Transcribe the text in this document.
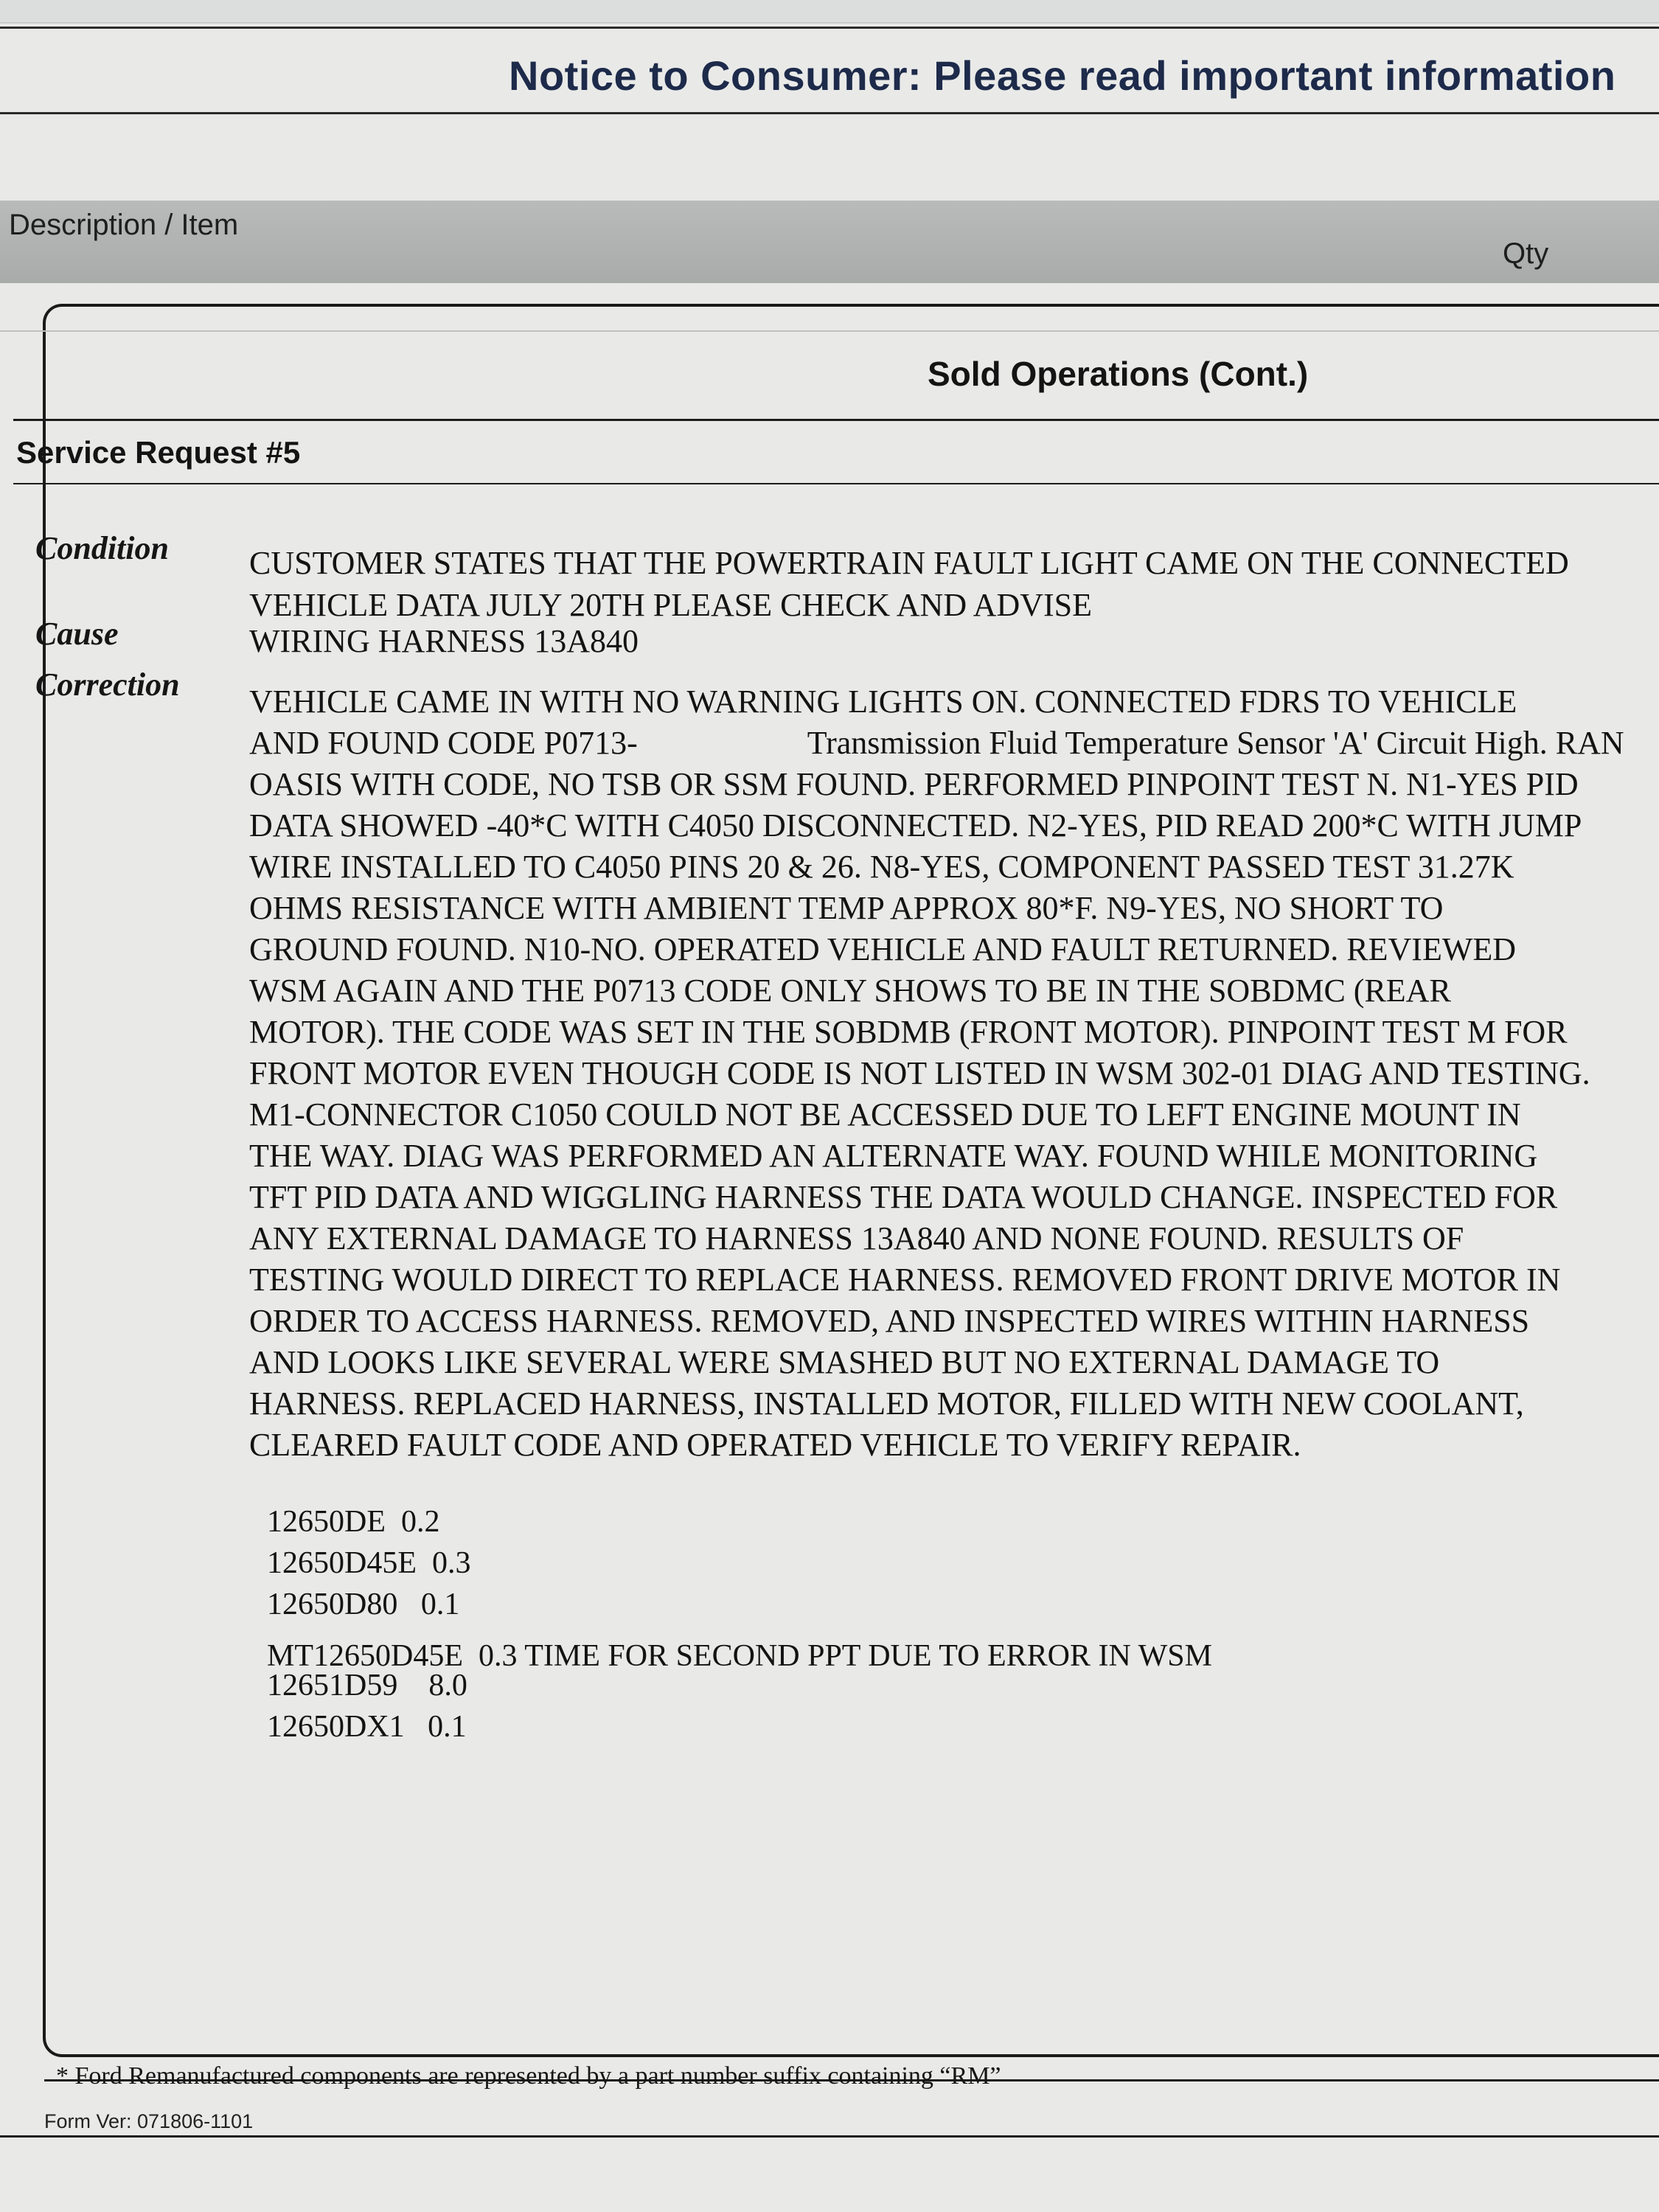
Notice to Consumer: Please read important information
Description / Item
Qty
Sold Operations (Cont.)
Service Request #5
Condition CUSTOMER STATES THAT THE POWERTRAIN FAULT LIGHT CAME ON THE CONNECTED
VEHICLE DATA JULY 20TH PLEASE CHECK AND ADVISE
Cause	WIRING HARNESS 13A840
Correction VEHICLE CAME IN WITH NO WARNING LIGHTS ON. CONNECTED FDRS TO VEHICLE
AND FOUND CODE P0713-	Transmission Fluid Temperature Sensor 'A' Circuit High. RAN
OASIS WITH CODE, NO TSB OR SSM FOUND. PERFORMED PINPOINT TEST N. N1-YES PID
DATA SHOWED -40*C WITH C4050 DISCONNECTED. N2-YES, PID READ 200*C WITH JUMP
WIRE INSTALLED TO C4050 PINS 20 & 26. N8-YES, COMPONENT PASSED TEST 31.27K
OHMS RESISTANCE WITH AMBIENT TEMP APPROX 80*F. N9-YES, NO SHORT TO
GROUND FOUND. N10-NO. OPERATED VEHICLE AND FAULT RETURNED. REVIEWED
WSM AGAIN AND THE P0713 CODE ONLY SHOWS TO BE IN THE SOBDMC (REAR
MOTOR). THE CODE WAS SET IN THE SOBDMB (FRONT MOTOR). PINPOINT TEST M FOR
FRONT MOTOR EVEN THOUGH CODE IS NOT LISTED IN WSM 302-01 DIAG AND TESTING.
M1-CONNECTOR C1050 COULD NOT BE ACCESSED DUE TO LEFT ENGINE MOUNT IN
THE WAY. DIAG WAS PERFORMED AN ALTERNATE WAY. FOUND WHILE MONITORING
TFT PID DATA AND WIGGLING HARNESS THE DATA WOULD CHANGE. INSPECTED FOR
ANY EXTERNAL DAMAGE TO HARNESS 13A840 AND NONE FOUND. RESULTS OF
TESTING WOULD DIRECT TO REPLACE HARNESS. REMOVED FRONT DRIVE MOTOR IN
ORDER TO ACCESS HARNESS. REMOVED, AND INSPECTED WIRES WITHIN HARNESS
AND LOOKS LIKE SEVERAL WERE SMASHED BUT NO EXTERNAL DAMAGE TO
HARNESS. REPLACED HARNESS, INSTALLED MOTOR, FILLED WITH NEW COOLANT,
CLEARED FAULT CODE AND OPERATED VEHICLE TO VERIFY REPAIR.
12650DE  0.2
12650D45E  0.3
12650D80   0.1
MT12650D45E  0.3 TIME FOR SECOND PPT DUE TO ERROR IN WSM
12651D59    8.0
12650DX1   0.1
* Ford Remanufactured components are represented by a part number suffix containing “RM”
Form Ver: 071806-1101
